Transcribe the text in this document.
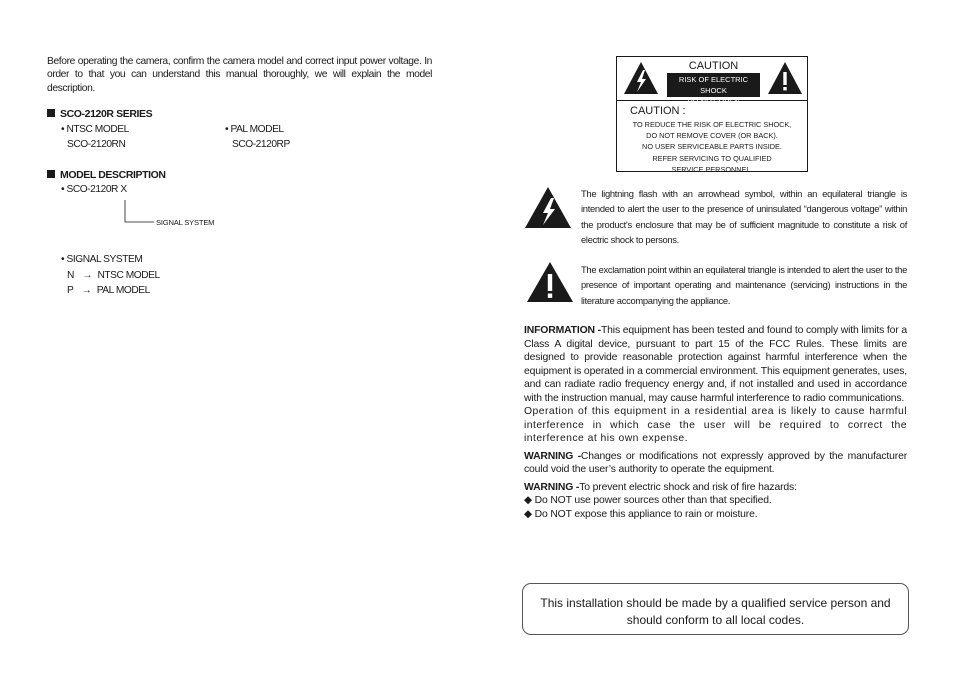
Before operating the camera, confirm the camera model and correct input power voltage. In order to that you can understand this manual thoroughly, we will explain the model description.
SCO-2120R SERIES
• NTSC MODEL
SCO-2120RN
• PAL MODEL
SCO-2120RP
MODEL DESCRIPTION
• SCO-2120R X
SIGNAL SYSTEM
• SIGNAL SYSTEM
N → NTSC MODEL
P → PAL MODEL
CAUTION
RISK OF ELECTRIC SHOCK
DO NOT OPEN
CAUTION :
TO REDUCE THE RISK OF ELECTRIC SHOCK,
DO NOT REMOVE COVER (OR BACK).
NO USER SERVICEABLE PARTS INSIDE.
REFER SERVICING TO QUALIFIED
SERVICE PERSONNEL.
The lightning flash with an arrowhead symbol, within an equilateral triangle is intended to alert the user to the presence of uninsulated “dangerous voltage” within the product's enclosure that may be of sufficient magnitude to constitute a risk of electric shock to persons.
The exclamation point within an equilateral triangle is intended to alert the user to the presence of important operating and maintenance (servicing) instructions in the literature accompanying the appliance.

INFORMATION -This equipment has been tested and found to comply with limits for a Class A digital device, pursuant to part 15 of the FCC Rules. These limits are designed to provide reasonable protection against harmful interference when the equipment is operated in a commercial environment. This equipment generates, uses, and can radiate radio frequency energy and, if not installed and used in accordance with the instruction manual, may cause harmful interference to radio communications.

Operation of this equipment in a residential area is likely to cause harmful interference in which case the user will be required to correct the interference at his own expense.

WARNING -Changes or modifications not expressly approved by the manufacturer could void the user’s authority to operate the equipment.

WARNING -To prevent electric shock and risk of fire hazards:

◆ Do NOT use power sources other than that specified.

◆ Do NOT expose this appliance to rain or moisture.

This installation should be made by a qualified service person and
should conform to all local codes.
